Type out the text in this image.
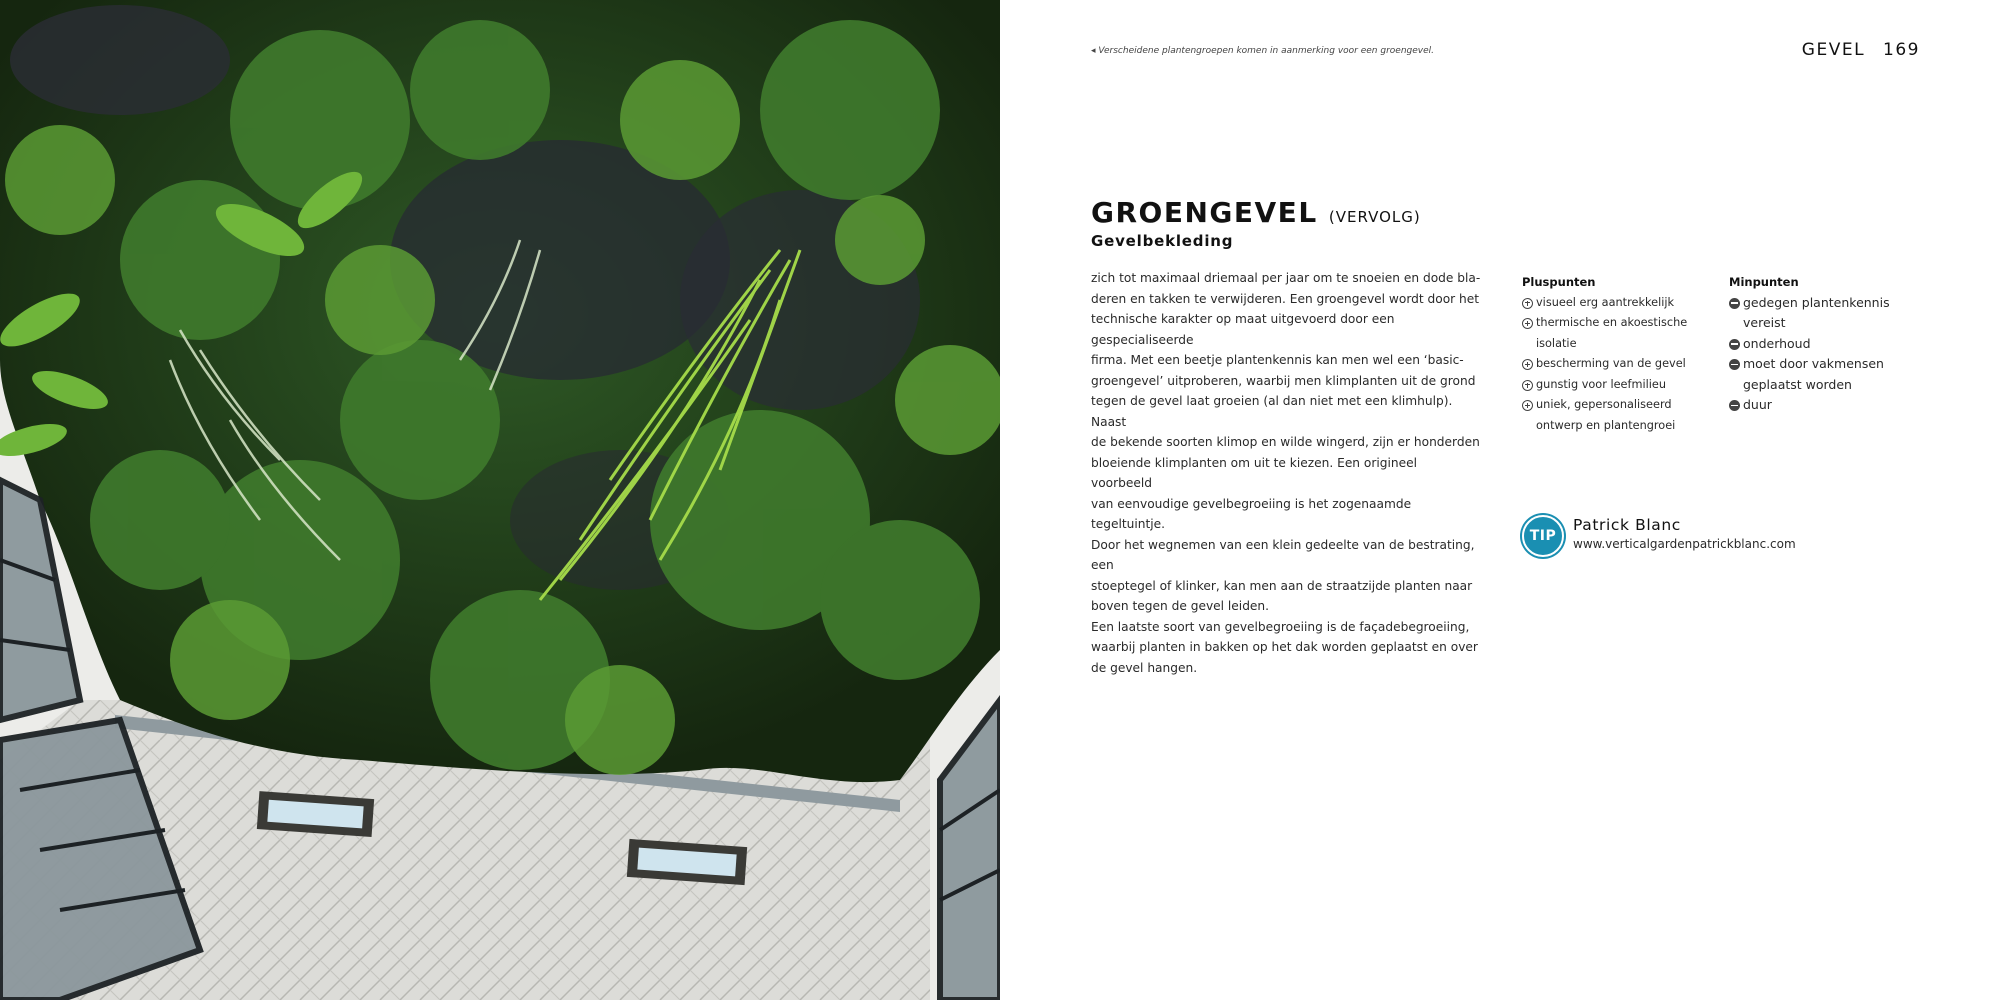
◂ Verscheidene plantengroepen komen in aanmerking voor een groengevel.	GEVEL 169
GROENGEVEL (VERVOLG)
Gevelbekleding

zich tot maximaal driemaal per jaar om te snoeien en dode bla-
deren en takken te verwijderen. Een groengevel wordt door het
technische karakter op maat uitgevoerd door een gespecialiseerde
firma. Met een beetje plantenkennis kan men wel een ‘basic-
groengevel’ uitproberen, waarbij men klimplanten uit de grond
tegen de gevel laat groeien (al dan niet met een klimhulp). Naast
de bekende soorten klimop en wilde wingerd, zijn er honderden
bloeiende klimplanten om uit te kiezen. Een origineel voorbeeld
van eenvoudige gevelbegroeiing is het zogenaamde tegeltuintje.
Door het wegnemen van een klein gedeelte van de bestrating, een
stoeptegel of klinker, kan men aan de straatzijde planten naar
boven tegen de gevel leiden.

Een laatste soort van gevelbegroeiing is de façadebegroeiing,
waarbij planten in bakken op het dak worden geplaatst en over
de gevel hangen.

Pluspunten
visueel erg aantrekkelijk
thermische en akoestische
isolatie
bescherming van de gevel
gunstig voor leefmilieu
uniek, gepersonaliseerd
ontwerp en plantengroei
Minpunten
gedegen plantenkennis
vereist
onderhoud
moet door vakmensen
geplaatst worden
duur
TIP
Patrick Blanc
www.verticalgardenpatrickblanc.com
